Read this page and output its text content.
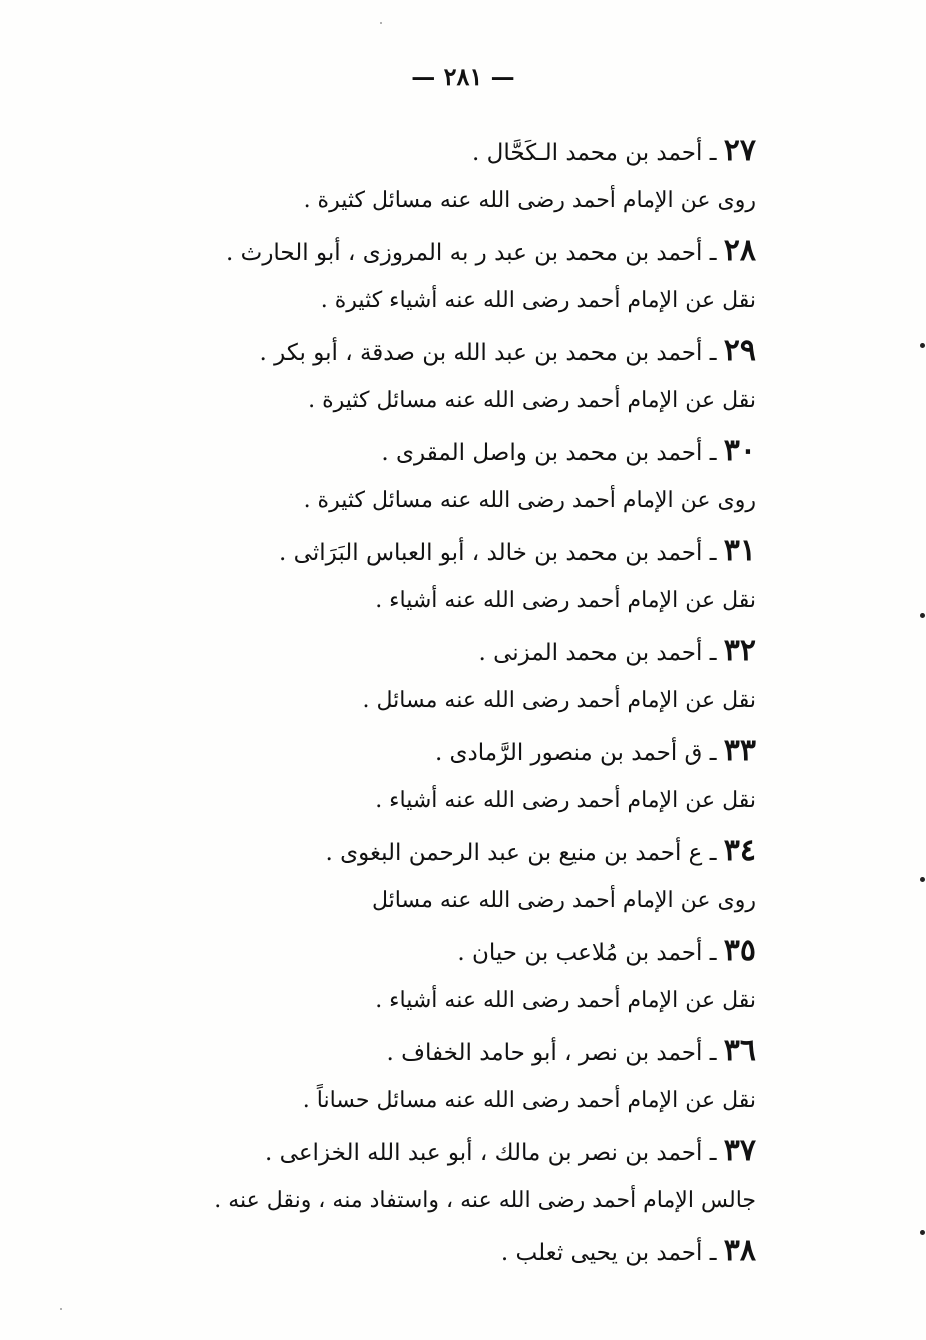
— ٢٨١ —
٢٧ ـ أحمد بن محمد الـكَحَّال .
روى عن الإمام أحمد رضى الله عنه مسائل كثيرة .
٢٨ ـ أحمد بن محمد بن عبد ر به المروزى ، أبو الحارث .
نقل عن الإمام أحمد رضى الله عنه أشياء كثيرة .
٢٩ ـ أحمد بن محمد بن عبد الله بن صدقة ، أبو بكر .
نقل عن الإمام أحمد رضى الله عنه مسائل كثيرة .
٣٠ ـ أحمد بن محمد بن واصل المقرى .
روى عن الإمام أحمد رضى الله عنه مسائل كثيرة .
٣١ ـ أحمد بن محمد بن خالد ، أبو العباس البَرَاثى .
نقل عن الإمام أحمد رضى الله عنه أشياء .
٣٢ ـ أحمد بن محمد المزنى .
نقل عن الإمام أحمد رضى الله عنه مسائل .
٣٣ ـ ق أحمد بن منصور الرَّمادى .
نقل عن الإمام أحمد رضى الله عنه أشياء .
٣٤ ـ ع أحمد بن منيع بن عبد الرحمن البغوى .
روى عن الإمام أحمد رضى الله عنه مسائل
٣٥ ـ أحمد بن مُلاعب بن حيان .
نقل عن الإمام أحمد رضى الله عنه أشياء .
٣٦ ـ أحمد بن نصر ، أبو حامد الخفاف .
نقل عن الإمام أحمد رضى الله عنه مسائل حساناً .
٣٧ ـ أحمد بن نصر بن مالك ، أبو عبد الله الخزاعى .
جالس الإمام أحمد رضى الله عنه ، واستفاد منه ، ونقل عنه .
٣٨ ـ أحمد بن يحيى ثعلب .
